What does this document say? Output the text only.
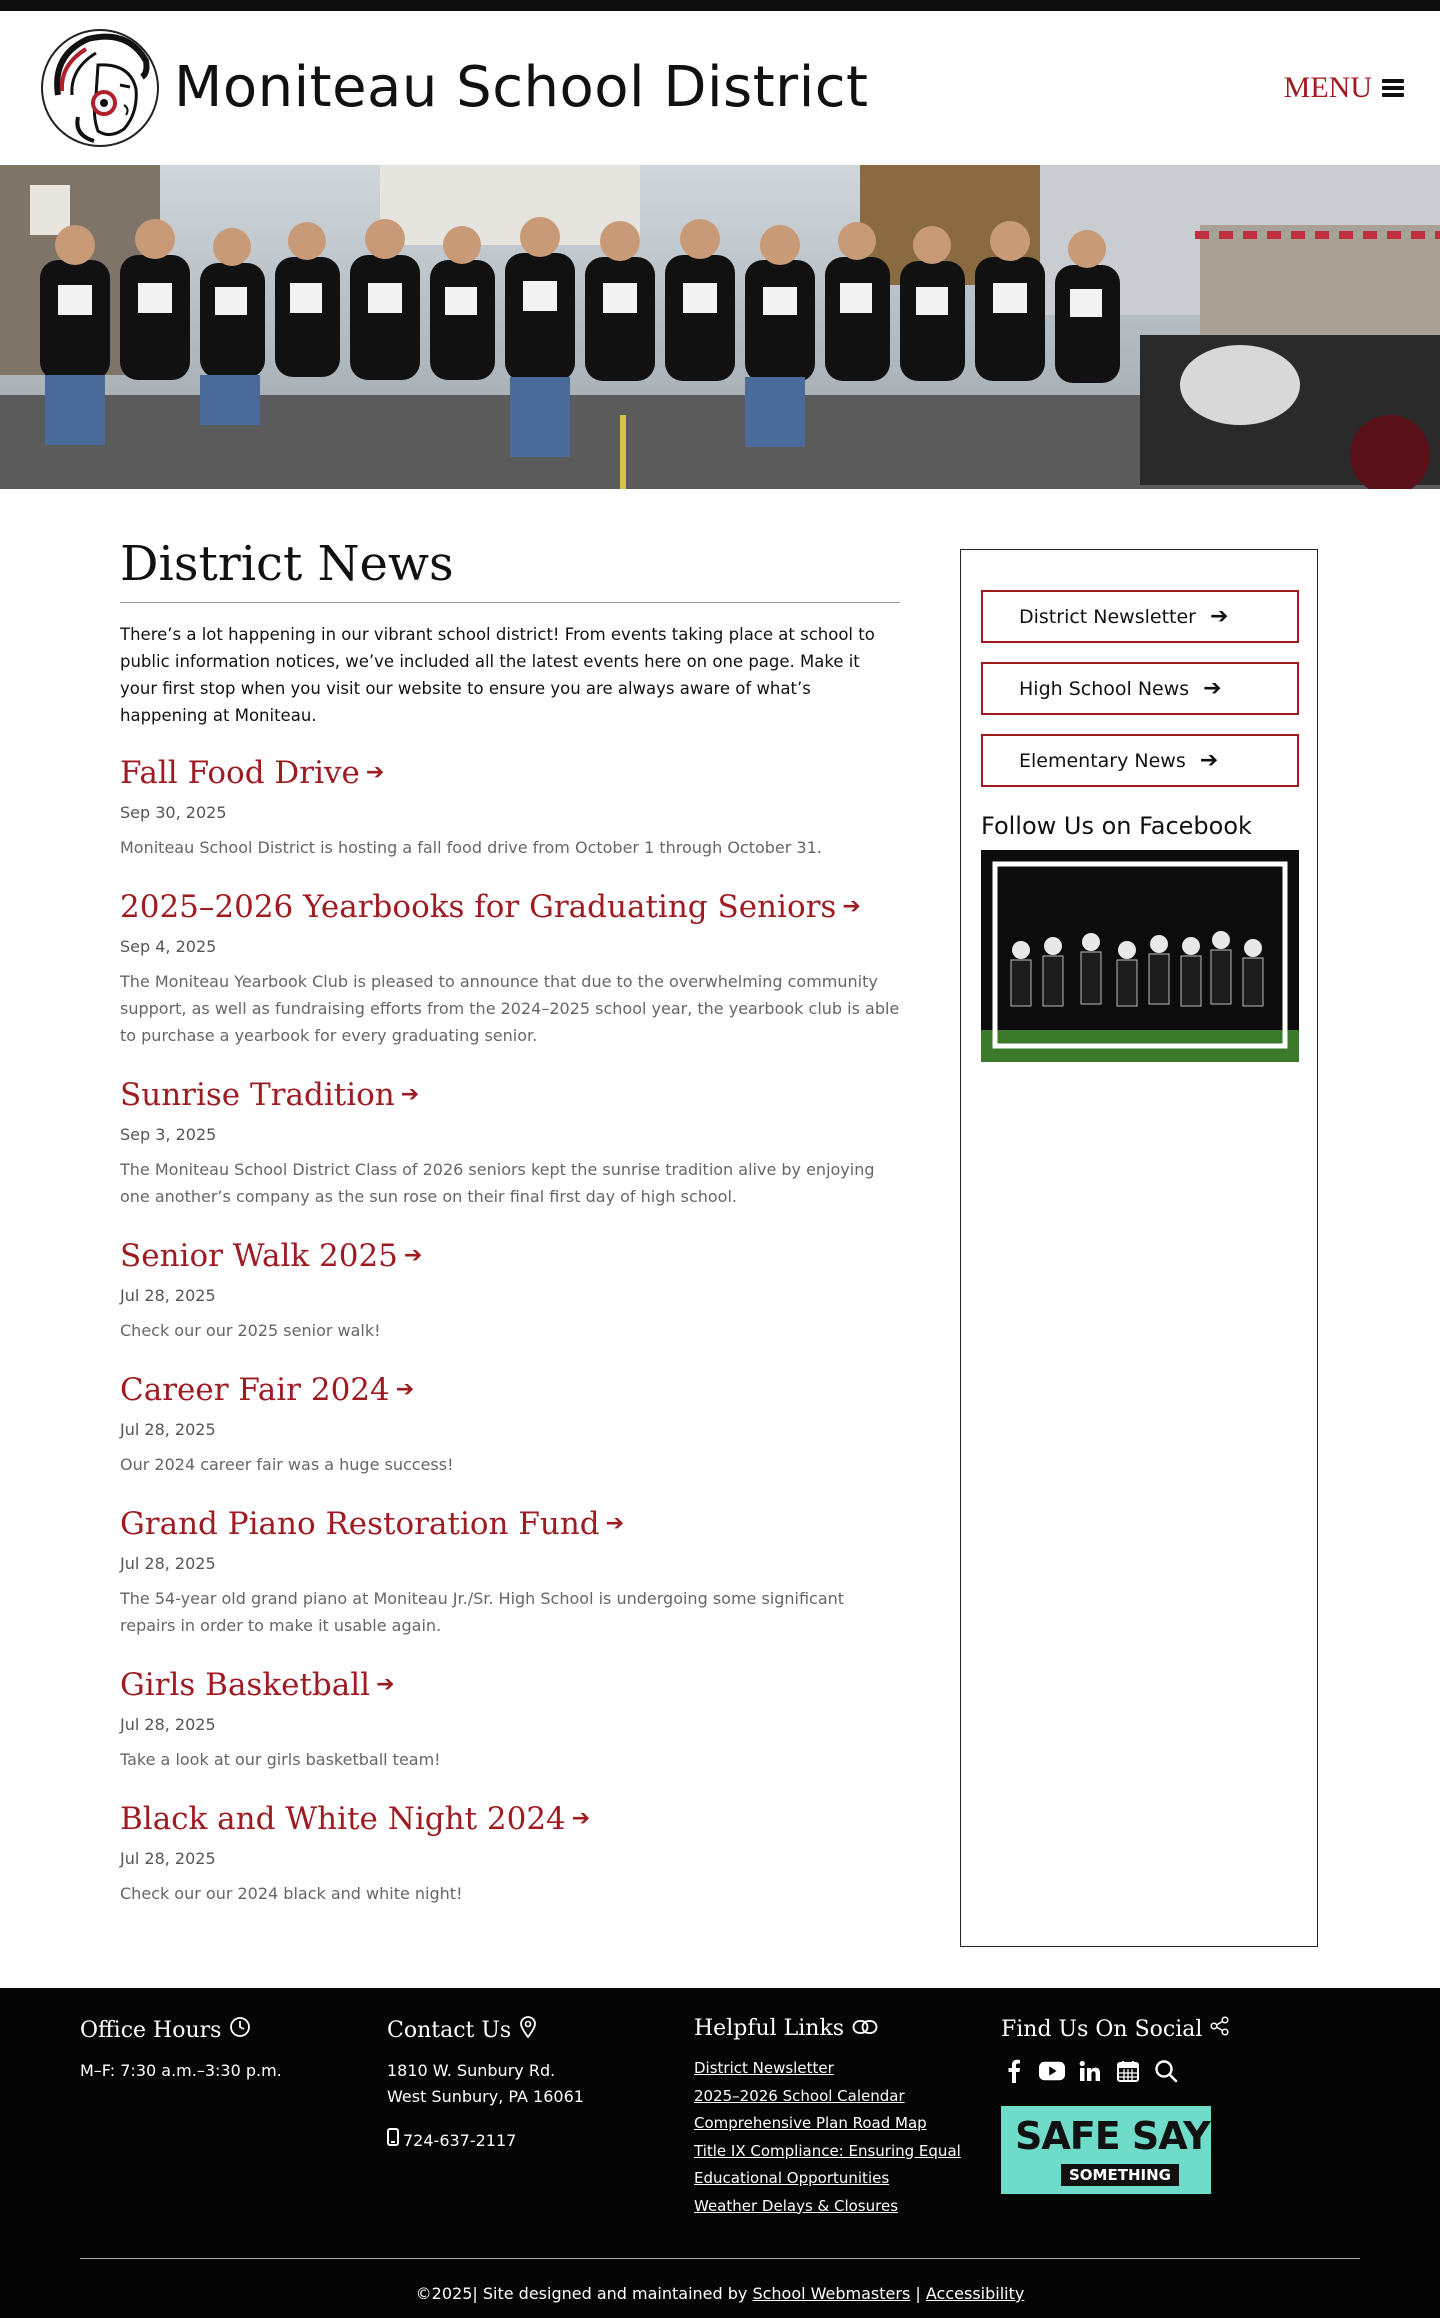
Moniteau School District	MENU
District News

There’s a lot happening in our vibrant school district! From events taking place at school to public information notices, we’ve included all the latest events here on one page. Make it your first stop when you visit our website to ensure you are always aware of what’s happening at Moniteau.

Fall Food Drive ➔
Sep 30, 2025
Moniteau School District is hosting a fall food drive from October 1 through October 31.
2025–2026 Yearbooks for Graduating Seniors ➔
Sep 4, 2025
The Moniteau Yearbook Club is pleased to announce that due to the overwhelming community support, as well as fundraising efforts from the 2024–2025 school year, the yearbook club is able to purchase a yearbook for every graduating senior.
Sunrise Tradition ➔
Sep 3, 2025
The Moniteau School District Class of 2026 seniors kept the sunrise tradition alive by enjoying one another’s company as the sun rose on their final first day of high school.
Senior Walk 2025 ➔
Jul 28, 2025
Check our our 2025 senior walk!
Career Fair 2024 ➔
Jul 28, 2025
Our 2024 career fair was a huge success!
Grand Piano Restoration Fund ➔
Jul 28, 2025
The 54-year old grand piano at Moniteau Jr./Sr. High School is undergoing some significant repairs in order to make it usable again.
Girls Basketball ➔
Jul 28, 2025
Take a look at our girls basketball team!
Black and White Night 2024 ➔
Jul 28, 2025
Check our our 2024 black and white night!
District Newsletter ➔
High School News ➔
Elementary News ➔
Follow Us on Facebook
Office Hours
M–F: 7:30 a.m.–3:30 p.m.
Contact Us
1810 W. Sunbury Rd.
West Sunbury, PA 16061
724-637-2117
Helpful Links
District Newsletter
2025–2026 School Calendar
Comprehensive Plan Road Map
Title IX Compliance: Ensuring Equal
Educational Opportunities
Weather Delays & Closures
Find Us On Social
SAFE SAY
SOMETHING
©2025| Site designed and maintained by School Webmasters | Accessibility
